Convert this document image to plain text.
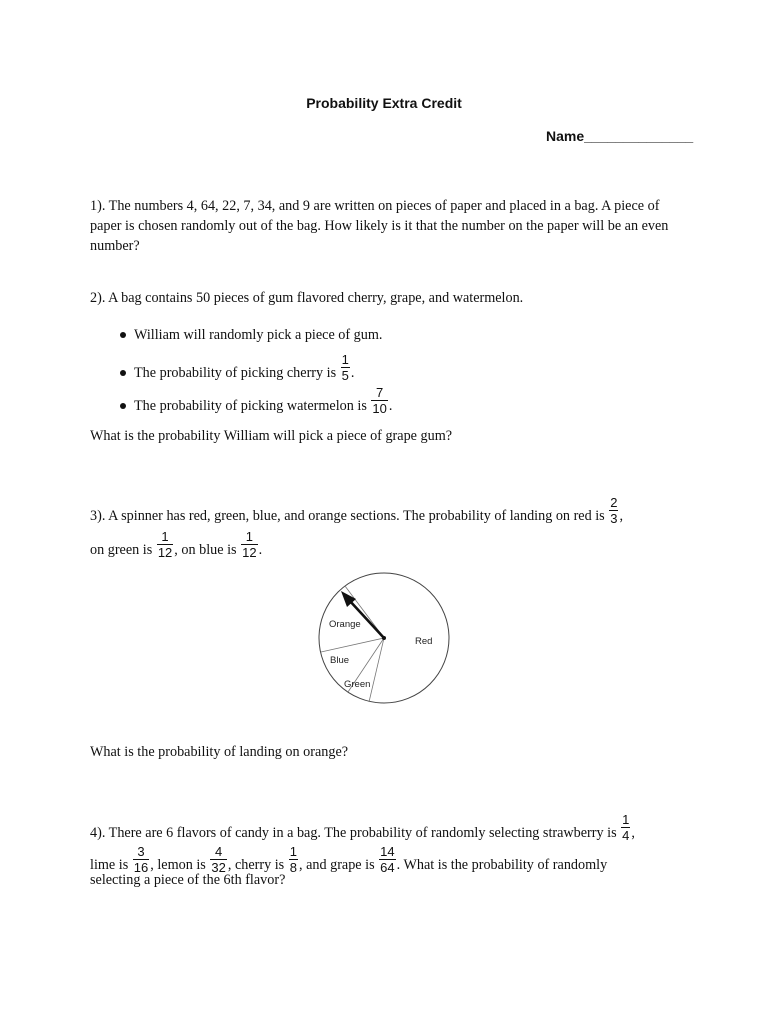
Probability Extra Credit
Name______________
1). The numbers 4, 64, 22, 7, 34, and 9 are written on pieces of paper and placed in a bag. A piece of paper is chosen randomly out of the bag. How likely is it that the number on the paper will be an even number?
2). A bag contains 50 pieces of gum flavored cherry, grape, and watermelon.
William will randomly pick a piece of gum.
The probability of picking cherry is $\frac{1}{5}$ .
The probability of picking watermelon is $\frac{7}{10}$ .
What is the probability William will pick a piece of grape gum?
3). A spinner has red, green, blue, and orange sections. The probability of landing on red is $\frac{2}{3}$ ,
on green is $\frac{1}{12}$ , on blue is $\frac{1}{12}$ .
Orange
Red
Blue
Green
What is the probability of landing on orange?
4). There are 6 flavors of candy in a bag. The probability of randomly selecting strawberry is $\frac{1}{4}$ ,
lime is $\frac{3}{16}$ , lemon is $\frac{4}{32}$ , cherry is $\frac{1}{8}$ , and grape is $\frac{14}{64}$ . What is the probability of randomly
selecting a piece of the 6th flavor?
